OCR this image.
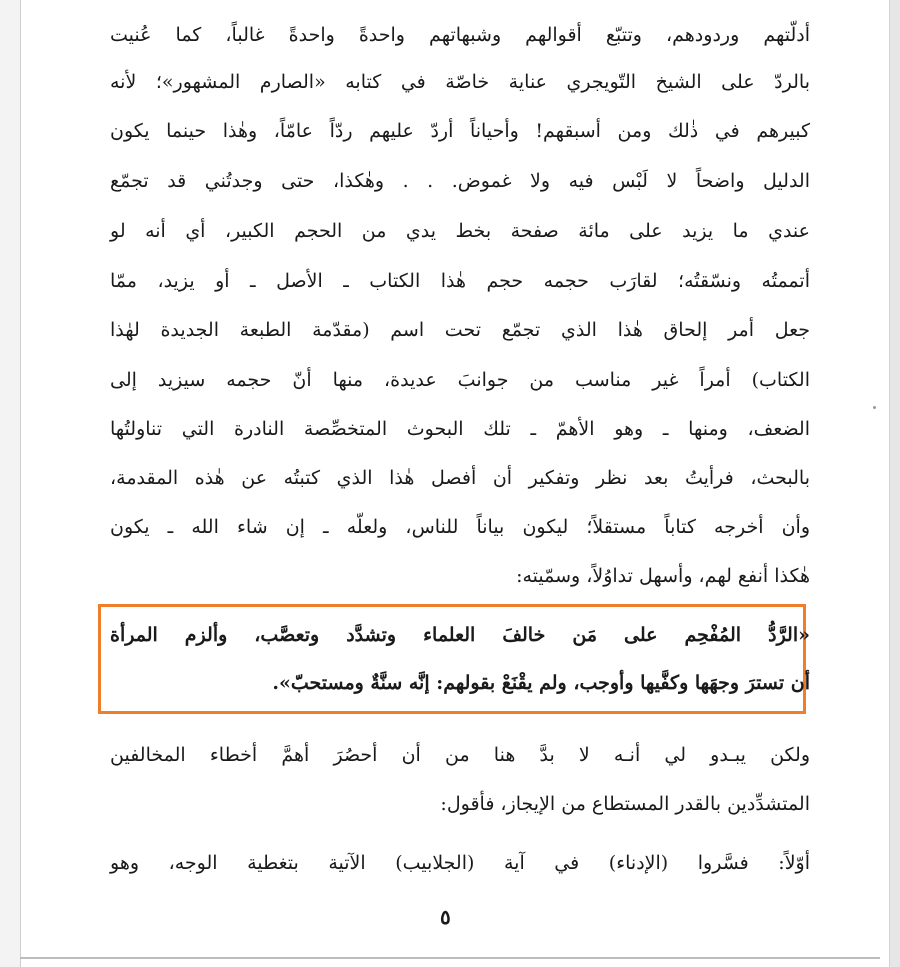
أدلّتهم وردودهم، وتتبّع أقوالهم وشبهاتهم واحدةً واحدةً غالباً، كما عُنيت
بالردّ على الشيخ التّويجري عناية خاصّة في كتابه «الصارم المشهور»؛ لأنه
كبيرهم في ذٰلك ومن أسبقهم! وأحياناً أردّ عليهم ردّاً عامّاً، وهٰذا حينما يكون
الدليل واضحاً لا لَبْس فيه ولا غموض. . . وهٰكذا، حتى وجدتُني قد تجمّع
عندي ما يزيد على مائة صفحة بخط يدي من الحجم الكبير، أي أنه لو
أتممتُه ونسّقتُه؛ لقارَب حجمه حجم هٰذا الكتاب ـ الأصل ـ أو يزيد، ممّا
جعل أمر إلحاق هٰذا الذي تجمّع تحت اسم (مقدّمة الطبعة الجديدة لهٰذا
الكتاب) أمراً غير مناسب من جوانبَ عديدة، منها أنّ حجمه سيزيد إلى
الضعف، ومنها ـ وهو الأهمّ ـ تلك البحوث المتخصِّصة النادرة التي تناولتُها
بالبحث، فرأيتُ بعد نظر وتفكير أن أفصل هٰذا الذي كتبتُه عن هٰذه المقدمة،
وأن أخرجه كتاباً مستقلاً؛ ليكون بياناً للناس، ولعلّه ـ إن شاء الله ـ يكون
هٰكذا أنفع لهم، وأسهل تداوُلاً، وسمّيته:
«الرَّدُّ المُفْحِم على مَن خالفَ العلماء وتشدَّد وتعصَّب، وألزم المرأة
أن تسترَ وجهَها وكفَّيها وأوجب، ولم يقْنَعْ بقولهم: إنَّه سنَّةٌ ومستحبّ».
ولكن يبـدو لي أنـه لا بدَّ هنا من أن أحصُرَ أهمَّ أخطاء المخالفين
المتشدِّدين بالقدر المستطاع من الإيجاز، فأقول:
أوّلاً: فسَّروا (الإدناء) في آية (الجلابيب) الآتية بتغطية الوجه، وهو
٥
